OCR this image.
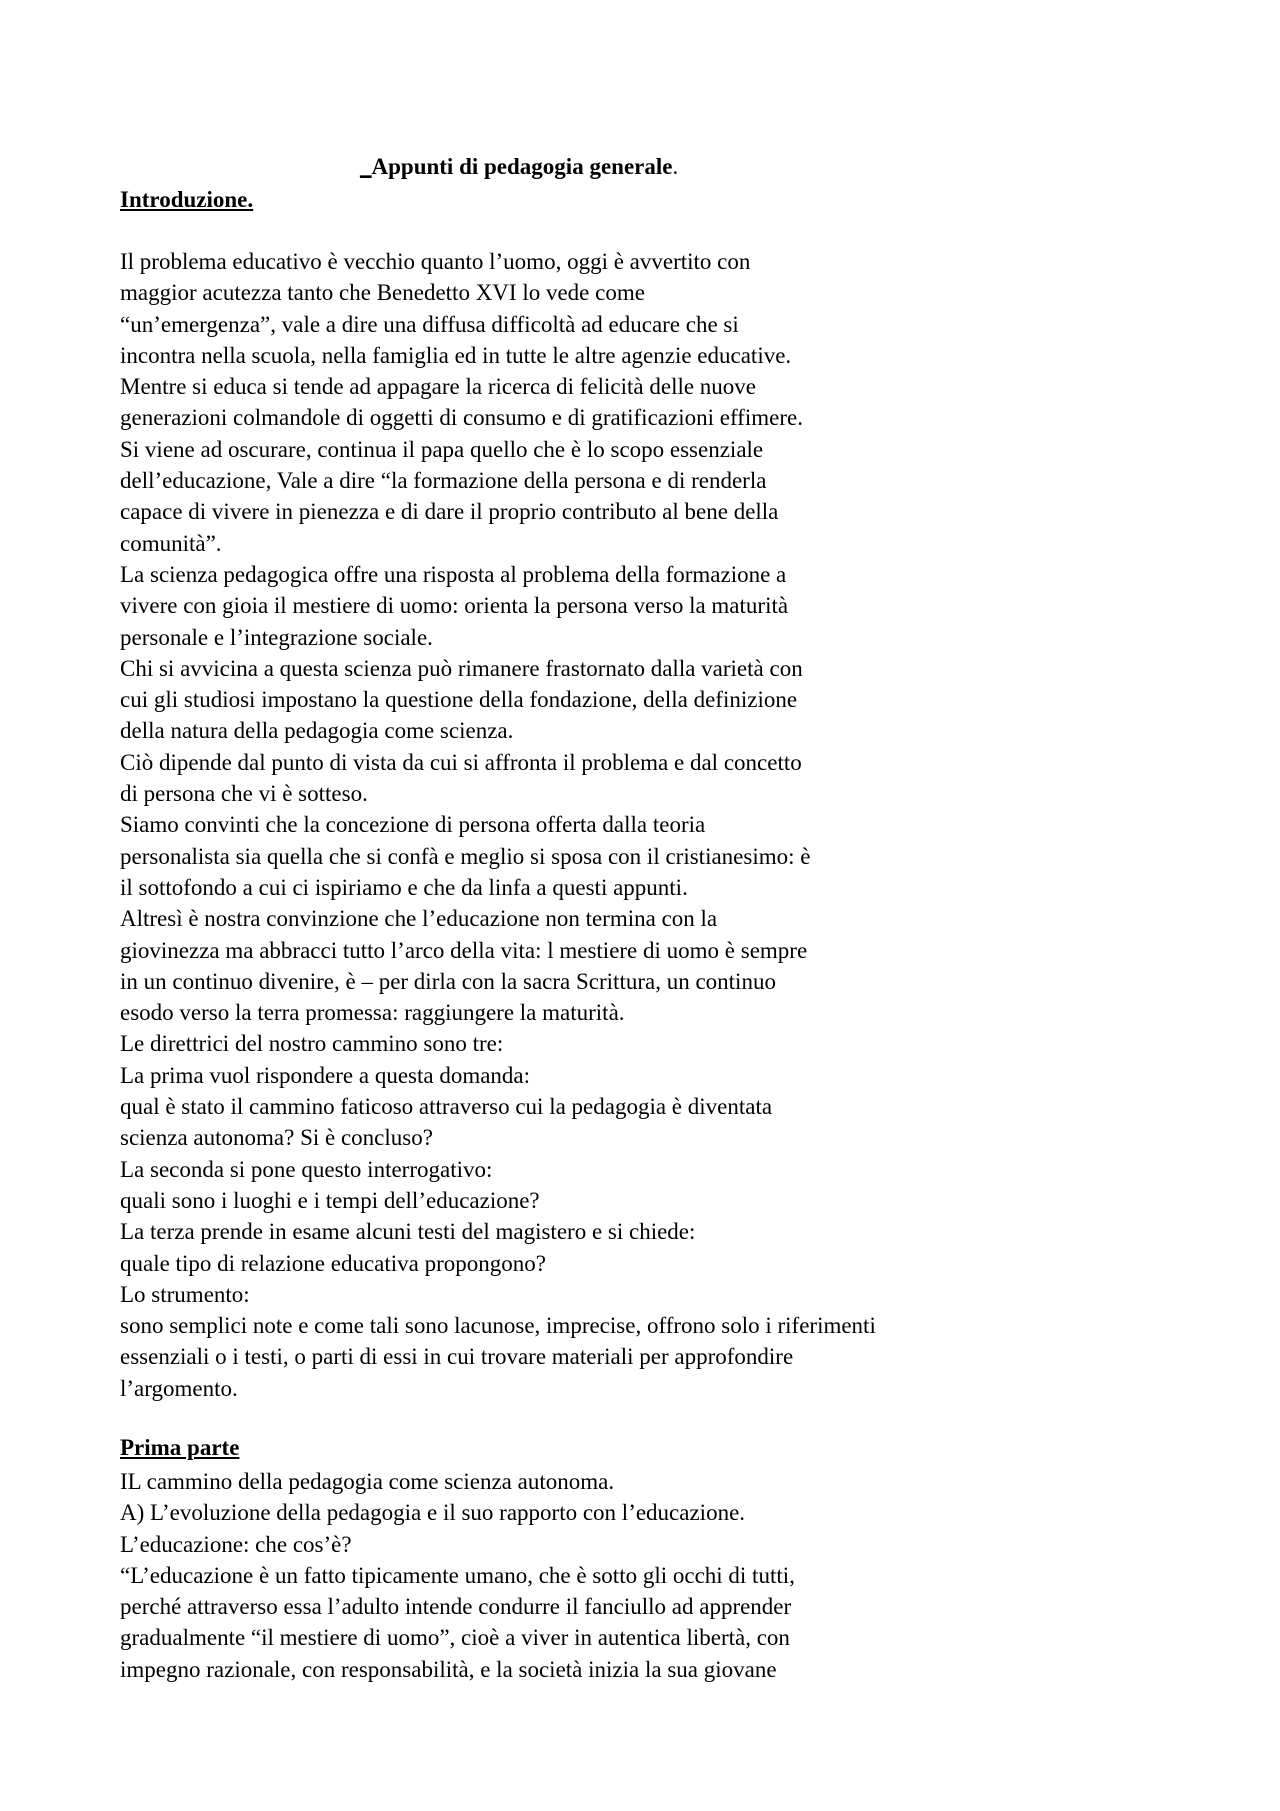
_Appunti di pedagogia generale.
Introduzione.
Il problema educativo è vecchio quanto l’uomo, oggi è avvertito con
maggior acutezza tanto che Benedetto XVI lo vede come
“un’emergenza”, vale a dire una diffusa difficoltà ad educare che si
incontra nella scuola, nella famiglia ed in tutte le altre agenzie educative.
Mentre si educa si tende ad appagare la ricerca di felicità delle nuove
generazioni colmandole di oggetti di consumo e di gratificazioni effimere.
Si viene ad oscurare, continua il papa quello che è lo scopo essenziale
dell’educazione, Vale a dire “la formazione della persona e di renderla
capace di vivere in pienezza e di dare il proprio contributo al bene della
comunità”.
La scienza pedagogica offre una risposta al problema della formazione a
vivere con gioia il mestiere di uomo: orienta la persona verso la maturità
personale e l’integrazione sociale.
Chi si avvicina a questa scienza può rimanere frastornato dalla varietà con
cui gli studiosi impostano la questione della fondazione, della definizione
della natura della pedagogia come scienza.
Ciò dipende dal punto di vista da cui si affronta il problema e dal concetto
di persona che vi è sotteso.
Siamo convinti che la concezione di persona offerta dalla teoria
personalista sia quella che si confà e meglio si sposa con il cristianesimo: è
il sottofondo a cui ci ispiriamo e che da linfa a questi appunti.
Altresì è nostra convinzione che l’educazione non termina con la
giovinezza ma abbracci tutto l’arco della vita: l mestiere di uomo è sempre
in un continuo divenire, è – per dirla con la sacra Scrittura, un continuo
esodo verso la terra promessa: raggiungere la maturità.
Le direttrici del nostro cammino sono tre:
La prima vuol rispondere a questa domanda:
qual è stato il cammino faticoso attraverso cui la pedagogia è diventata
scienza autonoma? Si è concluso?
La seconda si pone questo interrogativo:
quali sono i luoghi e i tempi dell’educazione?
La terza prende in esame alcuni testi del magistero e si chiede:
quale tipo di relazione educativa propongono?
Lo strumento:
sono semplici note e come tali sono lacunose, imprecise, offrono solo i riferimenti
essenziali o i testi, o parti di essi in cui trovare materiali per approfondire
l’argomento.
Prima parte
IL cammino della pedagogia come scienza autonoma.
A) L’evoluzione della pedagogia e il suo rapporto con l’educazione.
L’educazione: che cos’è?
“L’educazione è un fatto tipicamente umano, che è sotto gli occhi di tutti,
perché attraverso essa l’adulto intende condurre il fanciullo ad apprender
gradualmente “il mestiere di uomo”, cioè a viver in autentica libertà, con
impegno razionale, con responsabilità, e la società inizia la sua giovane
